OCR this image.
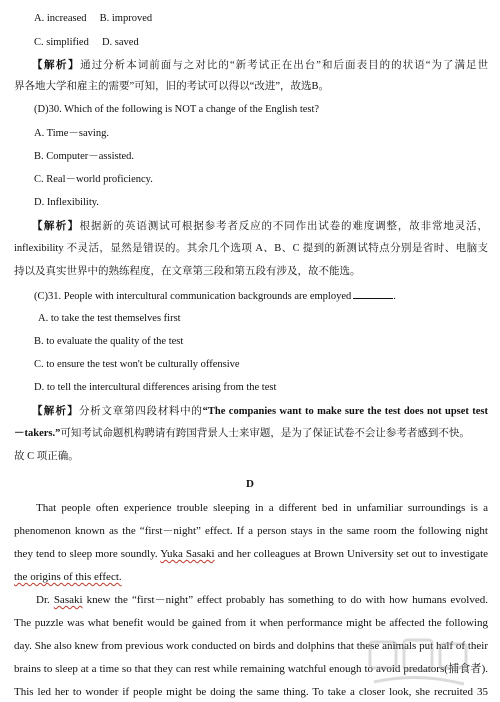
A. increased B. improved
C. simplified D. saved
【解析】通过分析本词前面与之对比的“新考试正在出台”和后面表目的的状语“为了满足世
界各地大学和雇主的需要”可知，旧的考试可以得以“改进”，故选B。
(D)30. Which of the following is NOT a change of the English test?
A. Time－saving.
B. Computer－assisted.
C. Real－world proficiency.
D. Inflexibility.
【解析】根据新的英语测试可根据参考者反应的不同作出试卷的难度调整，故非常地灵活，
inflexibility 不灵活，显然是错误的。其余几个选项 A、B、C 提到的新测试特点分别是省时、电脑支
持以及真实世界中的熟练程度，在文章第三段和第五段有涉及，故不能选。
(C)31. People with intercultural communication backgrounds are employed	.
A. to take the test themselves first
B. to evaluate the quality of the test
C. to ensure the test won't be culturally offensive
D. to tell the intercultural differences arising from the test
【解析】分析文章第四段材料中的“The companies want to make sure the test does not upset test
－takers.”可知考试命题机构聘请有跨国背景人士来审题，是为了保证试卷不会让参考者感到不快。
故 C 项正确。
D
That people often experience trouble sleeping in a different bed in unfamiliar surroundings is a
phenomenon known as the “first－night” effect. If a person stays in the same room the following night
they tend to sleep more soundly. Yuka Sasaki and her colleagues at Brown University set out to investigate
the origins of this effect.
Dr. Sasaki knew the “first－night” effect probably has something to do with how humans evolved.
The puzzle was what benefit would be gained from it when performance might be affected the following
day. She also knew from previous work conducted on birds and dolphins that these animals put half of their
brains to sleep at a time so that they can rest while remaining watchful enough to avoid predators(捕食者).
This led her to wonder if people might be doing the same thing. To take a closer look, she recruited 35
